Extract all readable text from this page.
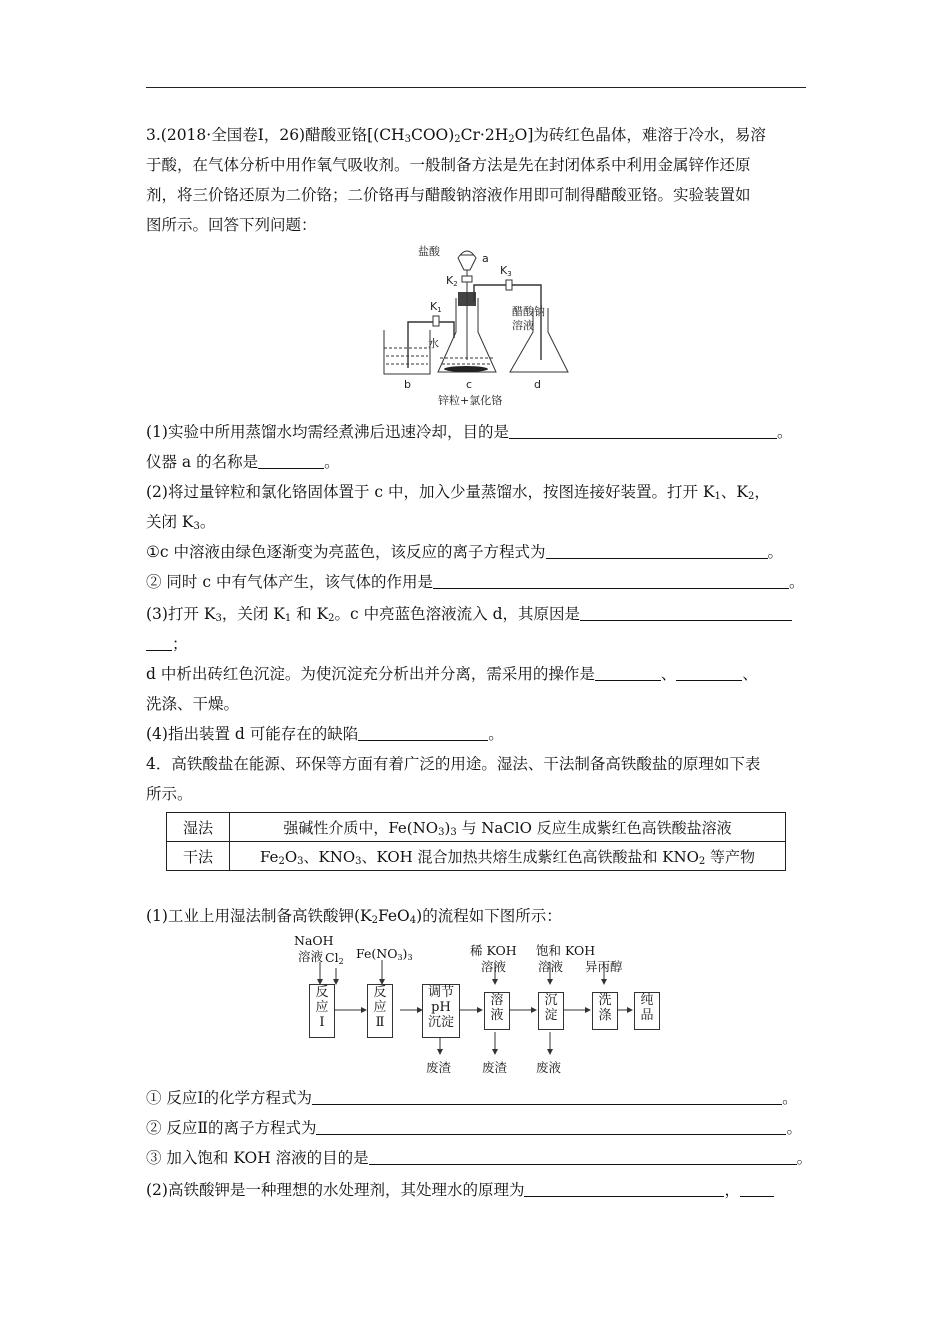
3.(2018·全国卷Ⅰ，26)醋酸亚铬$[(CH_3COO)_2Cr\cdot 2H_2O]$为砖红色晶体，难溶于冷水，易溶
于酸，在气体分析中用作氧气吸收剂。一般制备方法是先在封闭体系中利用金属锌作还原
剂，将三价铬还原为二价铬；二价铬再与醋酸钠溶液作用即可制得醋酸亚铬。实验装置如
图所示。回答下列问题：
盐酸
a
K2
K1
K3
醋酸钠
溶液
水
b	c	d
锌粒+氯化铬
(1)实验中所用蒸馏水均需经煮沸后迅速冷却，目的是	。
仪器 a 的名称是	。
(2)将过量锌粒和氯化铬固体置于 c 中，加入少量蒸馏水，按图连接好装置。打开 $K_1$、$K_2$，
关闭 $K_3$。
①c 中溶液由绿色逐渐变为亮蓝色，该反应的离子方程式为	。
② 同时 c 中有气体产生，该气体的作用是	。
(3)打开 $K_3$，关闭 $K_1$ 和 $K_2$。c 中亮蓝色溶液流入 d，其原因是
；
d 中析出砖红色沉淀。为使沉淀充分析出并分离，需采用的操作是	、	、
洗涤、干燥。
(4)指出装置 d 可能存在的缺陷	。
4．高铁酸盐在能源、环保等方面有着广泛的用途。湿法、干法制备高铁酸盐的原理如下表
所示。
湿法	强碱性介质中，$Fe(NO_3)_3$ 与 NaClO 反应生成紫红色高铁酸盐溶液
干法	$Fe_2O_3$、$KNO_3$、KOH 混合加热共熔生成紫红色高铁酸盐和 $KNO_2$ 等产物
(1)工业上用湿法制备高铁酸钾$(K_2FeO_4)$的流程如下图所示：
NaOH
溶液 $Cl_2$
$Fe(NO_3)_3$	稀 KOH 饱和 KOH
溶液	溶液 异丙醇
反
应
Ⅰ
反
应
Ⅱ
调节
pH
沉淀
溶
液
沉
淀
洗
涤
纯
品
废渣 废渣 废液
① 反应Ⅰ的化学方程式为	。
② 反应Ⅱ的离子方程式为	。
③ 加入饱和 KOH 溶液的目的是	。
(2)高铁酸钾是一种理想的水处理剂，其处理水的原理为	，
